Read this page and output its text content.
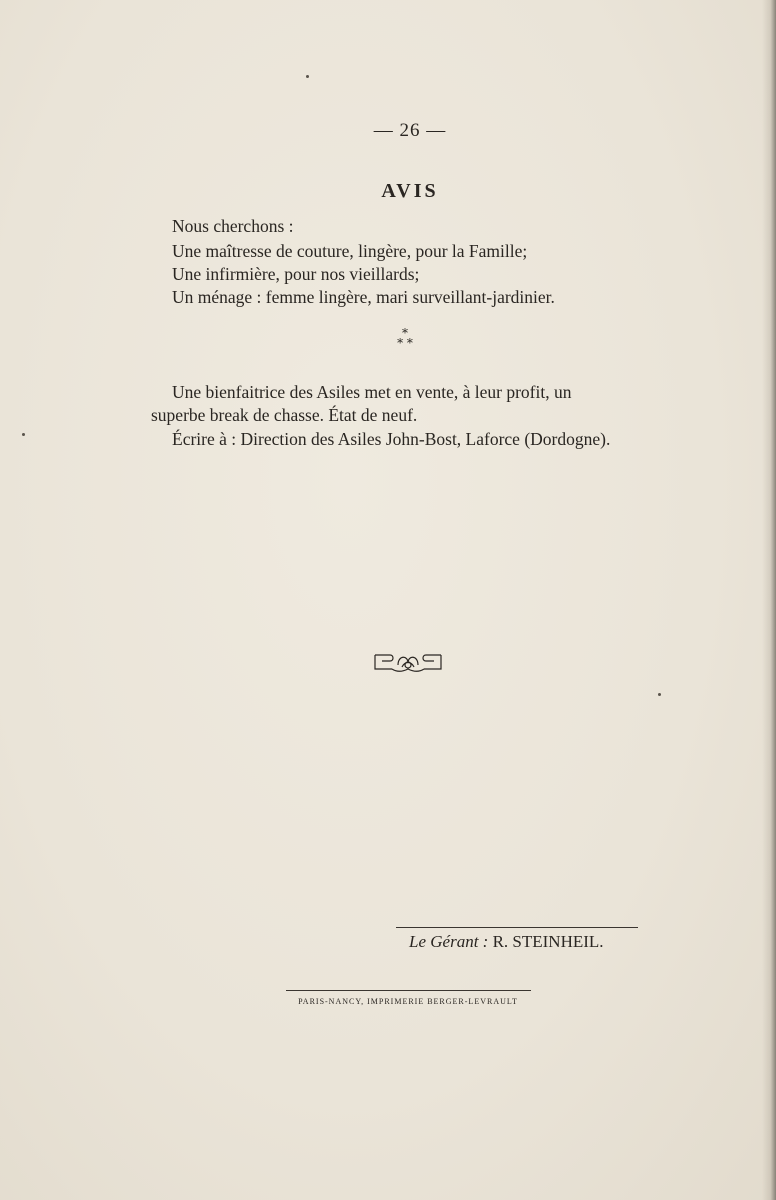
— 26 —
AVIS
Nous cherchons :
Une maîtresse de couture, lingère, pour la Famille;
Une infirmière, pour nos vieillards;
Un ménage : femme lingère, mari surveillant-jardinier.
*
* *
Une bienfaitrice des Asiles met en vente, à leur profit, un
superbe break de chasse. État de neuf.
Écrire à : Direction des Asiles John-Bost, Laforce (Dordogne).
Le Gérant : R. STEINHEIL.
PARIS-NANCY, IMPRIMERIE BERGER-LEVRAULT
